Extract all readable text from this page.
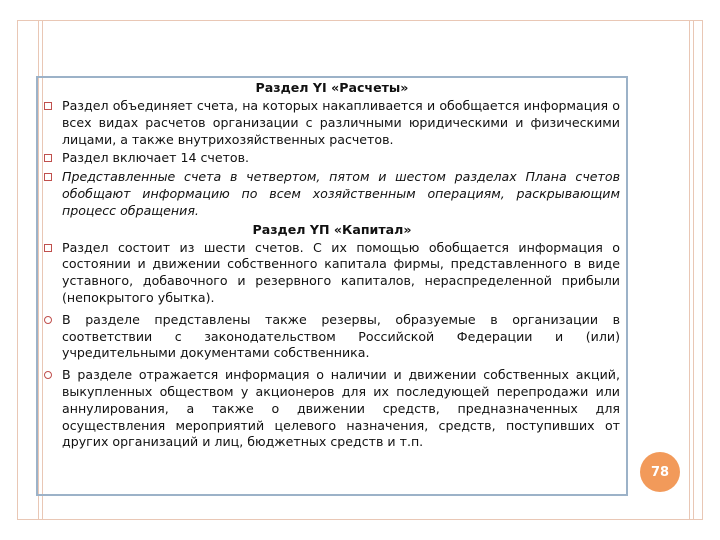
Раздел YI «Расчеты»

Раздел объединяет счета, на которых накапливается и обобщается информация о всех видах расчетов организации с различными юридическими и физическими лицами, а также внутрихозяйственных расчетов.
Раздел включает 14 счетов.
Представленные счета в четвертом, пятом и шестом разделах Плана счетов обобщают информацию по всем хозяйственным операциям, раскрывающим процесс обращения.

Раздел YП «Капитал»

Раздел состоит из шести счетов. С их помощью обобщается информация о состоянии и движении собственного капитала фирмы, представленного в виде уставного, добавочного и резервного капиталов, нераспределенной прибыли (непокрытого убытка).
В разделе представлены также резервы, образуемые в организации в соответствии с законодательством Российской Федерации и (или) учредительными документами собственника.
В разделе отражается информация о наличии и движении собственных акций, выкупленных обществом у акционеров для их последующей перепродажи или аннулирования, а также о движении средств, предназначенных для осуществления мероприятий целевого назначения, средств, поступивших от других организаций и лиц, бюджетных средств и т.п.
78
